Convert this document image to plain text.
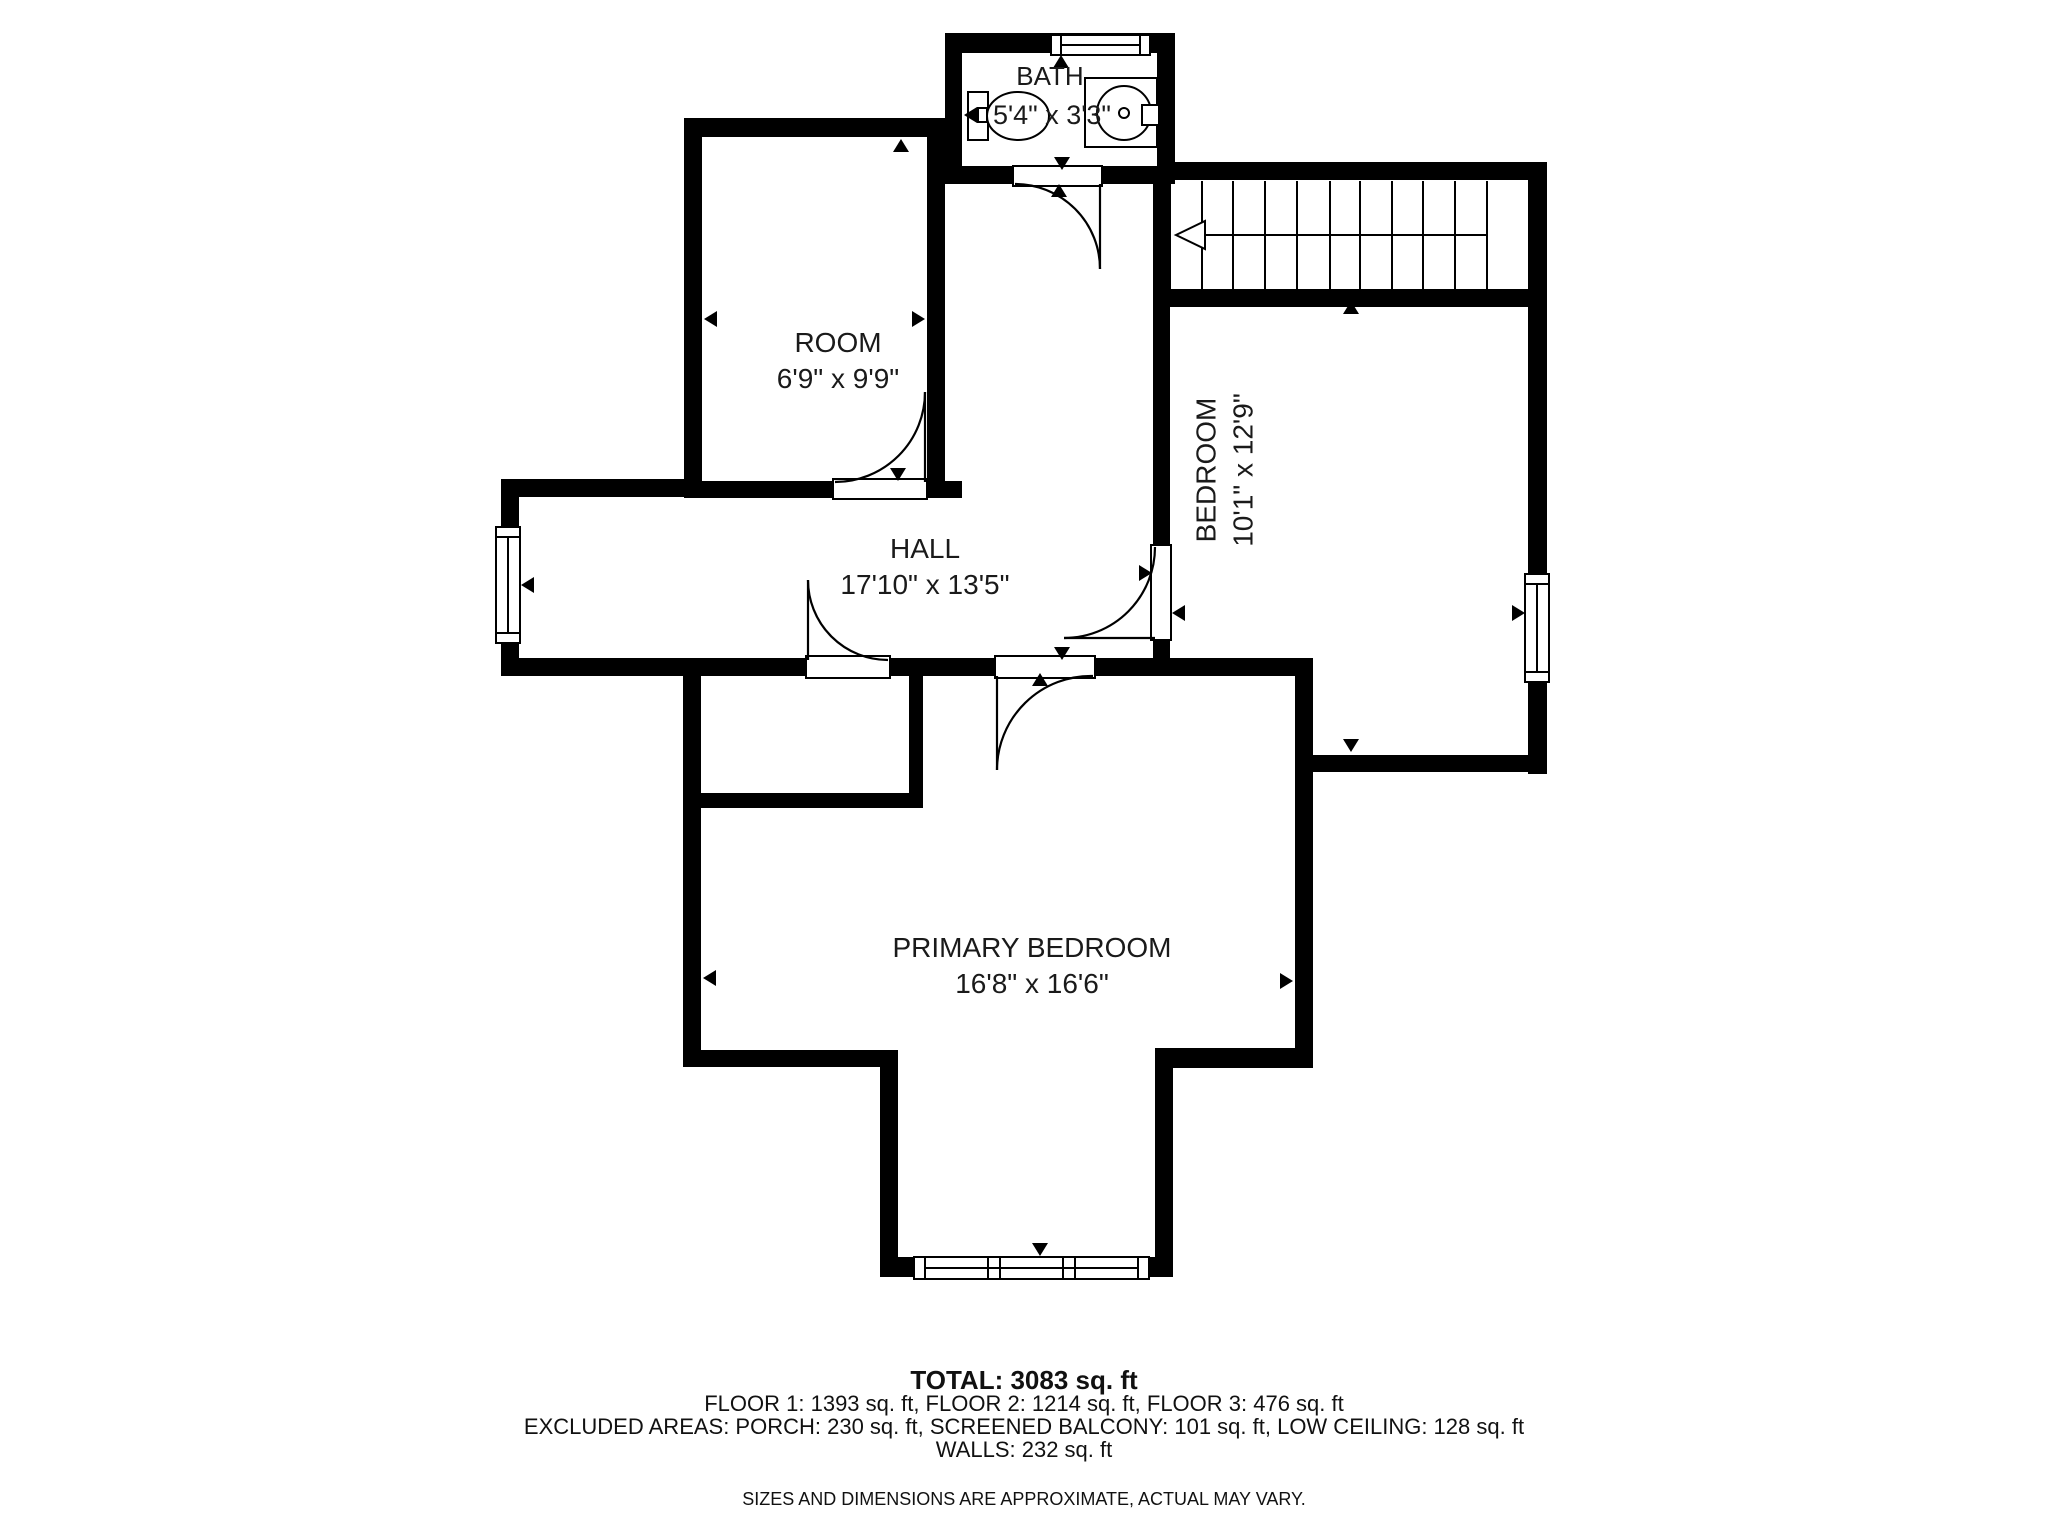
BATH
5'4" x 3'3"
ROOM
6'9" x 9'9"
HALL
17'10" x 13'5"
BEDROOM 10'1" x 12'9"
PRIMARY BEDROOM
16'8" x 16'6"
TOTAL: 3083 sq. ft
FLOOR 1: 1393 sq. ft, FLOOR 2: 1214 sq. ft, FLOOR 3: 476 sq. ft
EXCLUDED AREAS: PORCH: 230 sq. ft, SCREENED BALCONY: 101 sq. ft, LOW CEILING: 128 sq. ft
WALLS: 232 sq. ft
SIZES AND DIMENSIONS ARE APPROXIMATE, ACTUAL MAY VARY.
